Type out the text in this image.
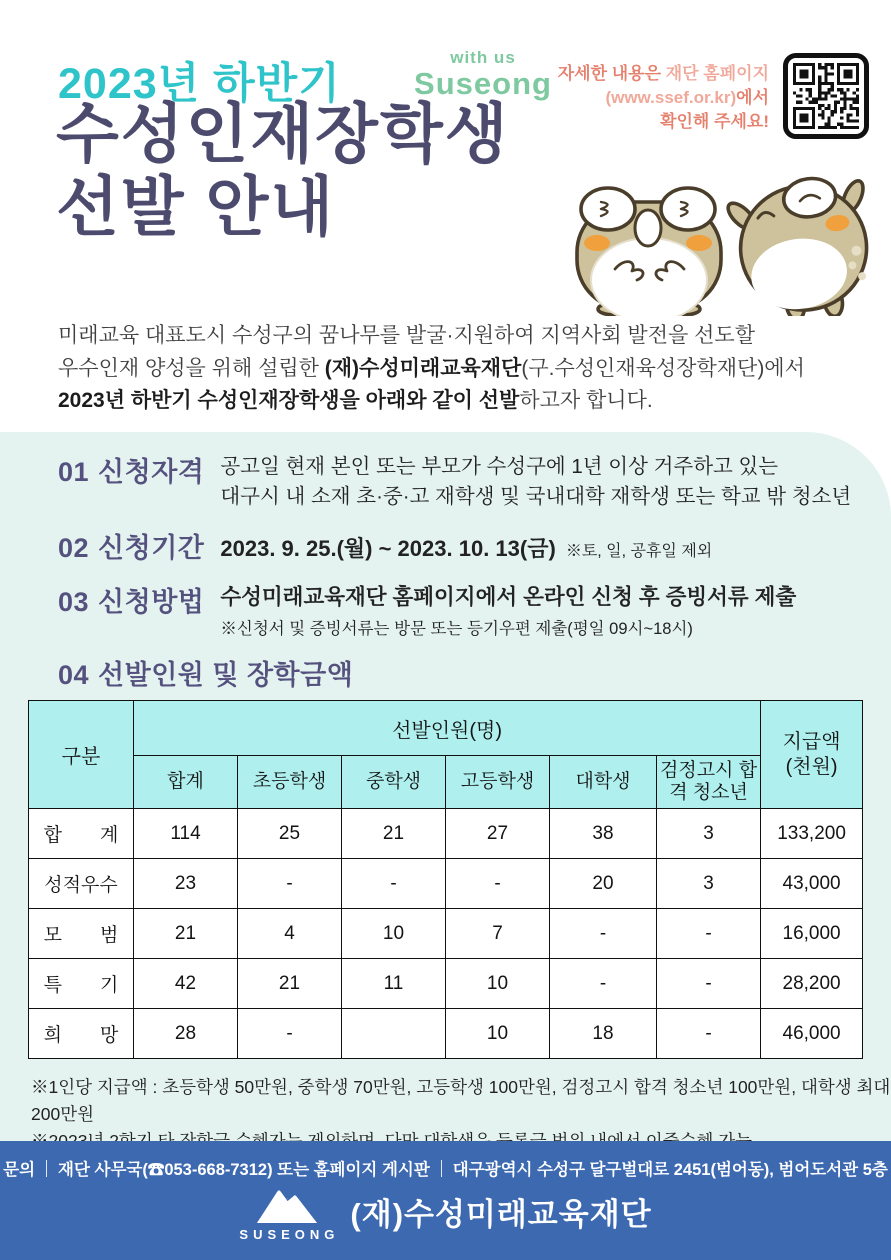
2023년 하반기
with us
Suseong 자세한 내용은 재단 홈페이지
(www.ssef.or.kr)에서
확인해 주세요!
수성인재장학생
선발 안내
미래교육 대표도시 수성구의 꿈나무를 발굴·지원하여 지역사회 발전을 선도할
우수인재 양성을 위해 설립한 (재)수성미래교육재단(구.수성인재육성장학재단)에서
2023년 하반기 수성인재장학생을 아래와 같이 선발하고자 합니다.
01 신청자격 공고일 현재 본인 또는 부모가 수성구에 1년 이상 거주하고 있는
대구시 내 소재 초·중·고 재학생 및 국내대학 재학생 또는 학교 밖 청소년
02 신청기간 2023. 9. 25.(월) ~ 2023. 10. 13(금) ※토, 일, 공휴일 제외
03 신청방법 수성미래교육재단 홈페이지에서 온라인 신청 후 증빙서류 제출
※신청서 및 증빙서류는 방문 또는 등기우편 제출(평일 09시~18시)
04 선발인원 및 장학금액
구분	선발인원(명)						지급액
(천원)

	합계	초등학생	중학생	고등학생	대학생	검정고시 합격 청소년	
합　　계	114	25	21	27	38	3	133,200
성적우수	23	-	-	-	20	3	43,000
모　　범	21	4	10	7	-	-	16,000
특　　기	42	21	11	10	-	-	28,200
희　　망	28	-		10	18	-	46,000
※1인당 지급액 : 초등학생 50만원, 중학생 70만원, 고등학생 100만원, 검정고시 합격 청소년 100만원, 대학생 최대 200만원
문의 재단 사무국(☎053-668-7312) 또는 홈페이지 게시판 대구광역시 수성구 달구벌대로 2451(범어동), 범어도서관 5층
SUSEONG
(재)수성미래교육재단
